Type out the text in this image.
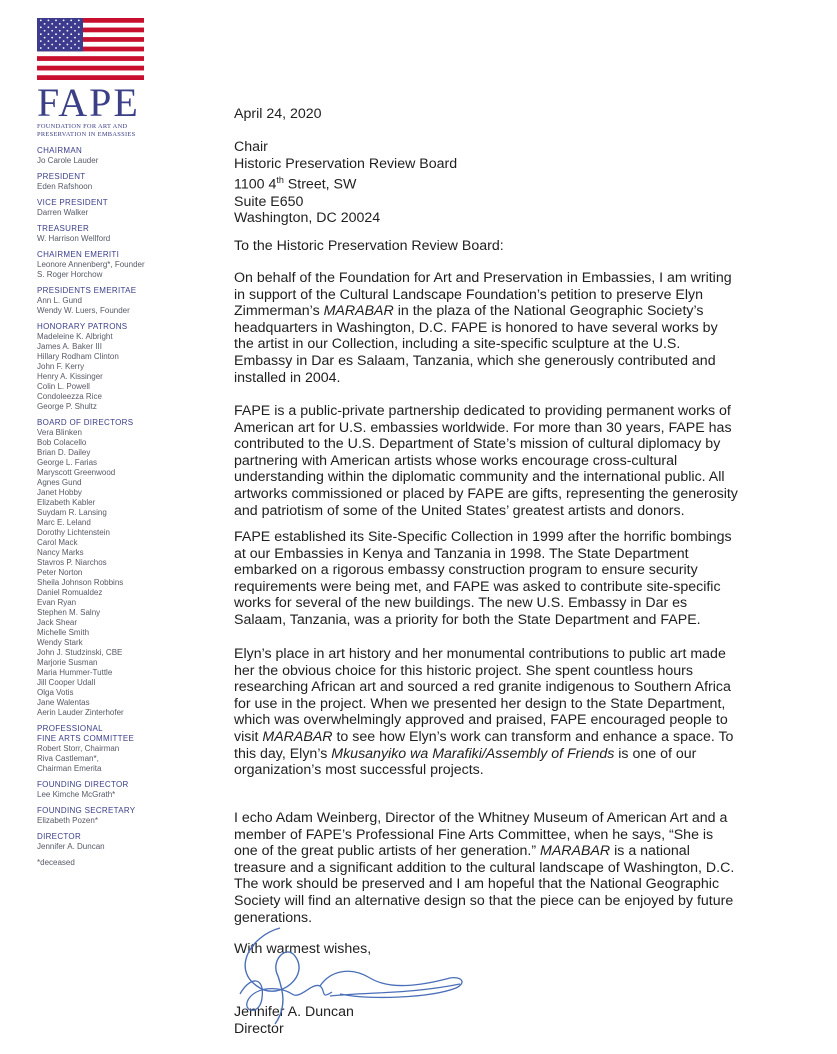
FAPE
FOUNDATION FOR ART AND
PRESERVATION IN EMBASSIES
CHAIRMAN
Jo Carole Lauder
PRESIDENT
Eden Rafshoon
VICE PRESIDENT
Darren Walker
TREASURER
W. Harrison Wellford
CHAIRMEN EMERITI
Leonore Annenberg*, Founder
S. Roger Horchow
PRESIDENTS EMERITAE
Ann L. Gund
Wendy W. Luers, Founder
HONORARY PATRONS
Madeleine K. Albright
James A. Baker III
Hillary Rodham Clinton
John F. Kerry
Henry A. Kissinger
Colin L. Powell
Condoleezza Rice
George P. Shultz
BOARD OF DIRECTORS
Vera Blinken
Bob Colacello
Brian D. Dailey
George L. Farias
Maryscott Greenwood
Agnes Gund
Janet Hobby
Elizabeth Kabler
Suydam R. Lansing
Marc E. Leland
Dorothy Lichtenstein
Carol Mack
Nancy Marks
Stavros P. Niarchos
Peter Norton
Sheila Johnson Robbins
Daniel Romualdez
Evan Ryan
Stephen M. Salny
Jack Shear
Michelle Smith
Wendy Stark
John J. Studzinski, CBE
Marjorie Susman
Maria Hummer-Tuttle
Jill Cooper Udall
Olga Votis
Jane Walentas
Aerin Lauder Zinterhofer
PROFESSIONAL
FINE ARTS COMMITTEE
Robert Storr, Chairman
Riva Castleman*,
Chairman Emerita
FOUNDING DIRECTOR
Lee Kimche McGrath*
FOUNDING SECRETARY
Elizabeth Pozen*
DIRECTOR
Jennifer A. Duncan
*deceased
April 24, 2020
Chair
Historic Preservation Review Board
1100 4th Street, SW
Suite E650
Washington, DC 20024
To the Historic Preservation Review Board:
On behalf of the Foundation for Art and Preservation in Embassies, I am writing
in support of the Cultural Landscape Foundation’s petition to preserve Elyn
Zimmerman’s MARABAR in the plaza of the National Geographic Society’s
headquarters in Washington, D.C. FAPE is honored to have several works by
the artist in our Collection, including a site-specific sculpture at the U.S.
Embassy in Dar es Salaam, Tanzania, which she generously contributed and
installed in 2004.
FAPE is a public-private partnership dedicated to providing permanent works of
American art for U.S. embassies worldwide. For more than 30 years, FAPE has
contributed to the U.S. Department of State’s mission of cultural diplomacy by
partnering with American artists whose works encourage cross-cultural
understanding within the diplomatic community and the international public. All
artworks commissioned or placed by FAPE are gifts, representing the generosity
and patriotism of some of the United States’ greatest artists and donors.
FAPE established its Site-Specific Collection in 1999 after the horrific bombings
at our Embassies in Kenya and Tanzania in 1998. The State Department
embarked on a rigorous embassy construction program to ensure security
requirements were being met, and FAPE was asked to contribute site-specific
works for several of the new buildings. The new U.S. Embassy in Dar es
Salaam, Tanzania, was a priority for both the State Department and FAPE.
Elyn’s place in art history and her monumental contributions to public art made
her the obvious choice for this historic project. She spent countless hours
researching African art and sourced a red granite indigenous to Southern Africa
for use in the project. When we presented her design to the State Department,
which was overwhelmingly approved and praised, FAPE encouraged people to
visit MARABAR to see how Elyn’s work can transform and enhance a space. To
this day, Elyn’s Mkusanyiko wa Marafiki/Assembly of Friends is one of our
organization’s most successful projects.
I echo Adam Weinberg, Director of the Whitney Museum of American Art and a
member of FAPE’s Professional Fine Arts Committee, when he says, “She is
one of the great public artists of her generation.” MARABAR is a national
treasure and a significant addition to the cultural landscape of Washington, D.C.
The work should be preserved and I am hopeful that the National Geographic
Society will find an alternative design so that the piece can be enjoyed by future
generations.
With warmest wishes,
Jennifer A. Duncan
Director
